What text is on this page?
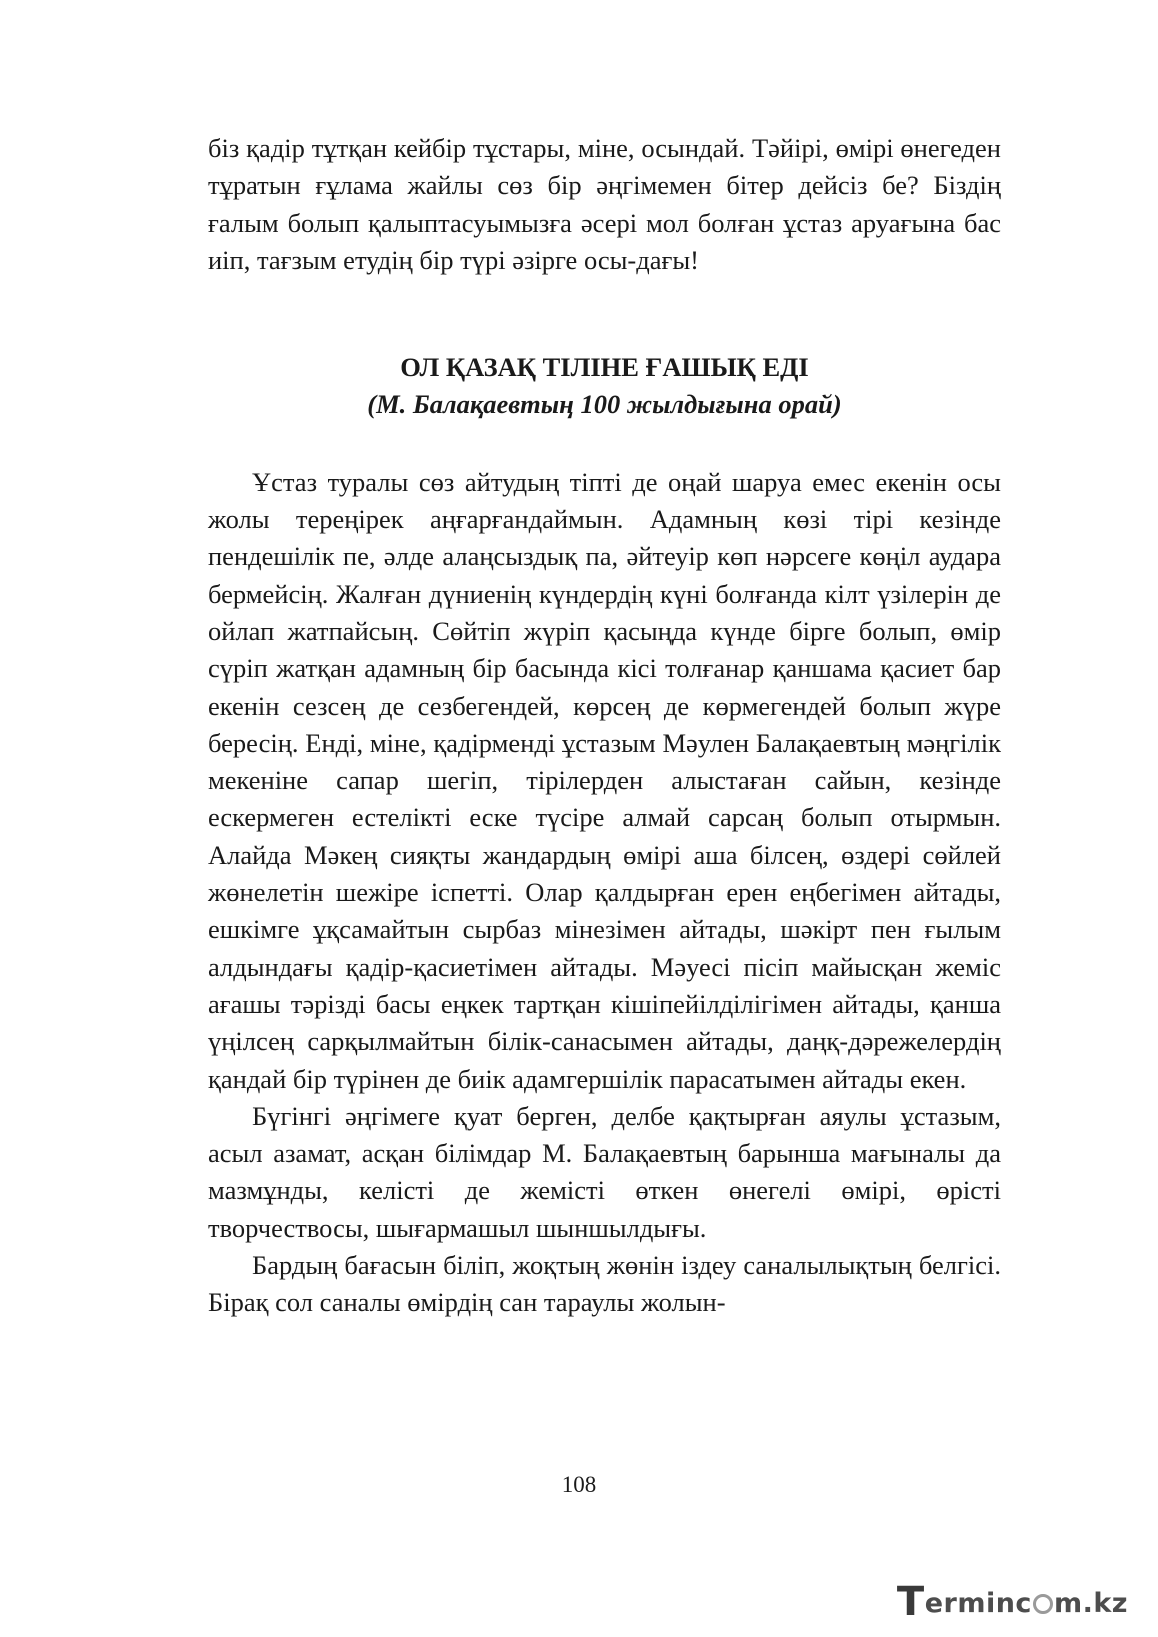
біз қадір тұтқан кейбір тұстары, міне, осындай. Тәйірі, өмірі өнегеден тұратын ғұлама жайлы сөз бір әңгімемен бітер дейсіз бе? Біздің ғалым болып қалыптасуымызға әсері мол болған ұстаз аруағына бас иіп, тағзым етудің бір түрі әзірге осы-дағы!

ОЛ ҚАЗАҚ ТІЛІНЕ ҒАШЫҚ ЕДІ
(М. Балақаевтың 100 жылдығына орай)

Ұстаз туралы сөз айтудың тіпті де оңай шаруа емес екенін осы жолы тереңірек аңғарғандаймын. Адамның көзі тірі кезінде пендешілік пе, әлде алаңсыздық па, әйтеуір көп нәрсеге көңіл аудара бермейсің. Жалған дүниенің күндердің күні болғанда кілт үзілерін де ойлап жатпайсың. Сөйтіп жүріп қасыңда күнде бірге болып, өмір сүріп жатқан адамның бір басында кісі толғанар қаншама қасиет бар екенін сезсең де сезбегендей, көрсең де көрмегендей болып жүре бересің. Енді, міне, қадірменді ұстазым Мәулен Балақаевтың мәңгілік мекеніне сапар шегіп, тірілерден алыстаған сайын, кезінде ескермеген естелікті еске түсіре алмай сарсаң болып отырмын. Алайда Мәкең сияқты жандардың өмірі аша білсең, өздері сөйлей жөнелетін шежіре іспетті. Олар қалдырған ерен еңбегімен айтады, ешкімге ұқсамайтын сырбаз мінезімен айтады, шәкірт пен ғылым алдындағы қадір-қасиетімен айтады. Мәуесі пісіп майысқан жеміс ағашы тәрізді басы еңкек тартқан кішіпейілділігімен айтады, қанша үңілсең сарқылмайтын білік-санасымен айтады, даңқ-дәрежелердің қандай бір түрінен де биік адамгершілік парасатымен айтады екен.

Бүгінгі әңгімеге қуат берген, делбе қақтырған аяулы ұстазым, асыл азамат, асқан білімдар М. Балақаевтың барынша мағыналы да мазмұнды, келісті де жемісті өткен өнегелі өмірі, өрісті творчествосы, шығармашыл шыншылдығы.

Бардың бағасын біліп, жоқтың жөнін іздеу саналылықтың белгісі. Бірақ сол саналы өмірдің сан тараулы жолын-

108
Terminc m.kz
